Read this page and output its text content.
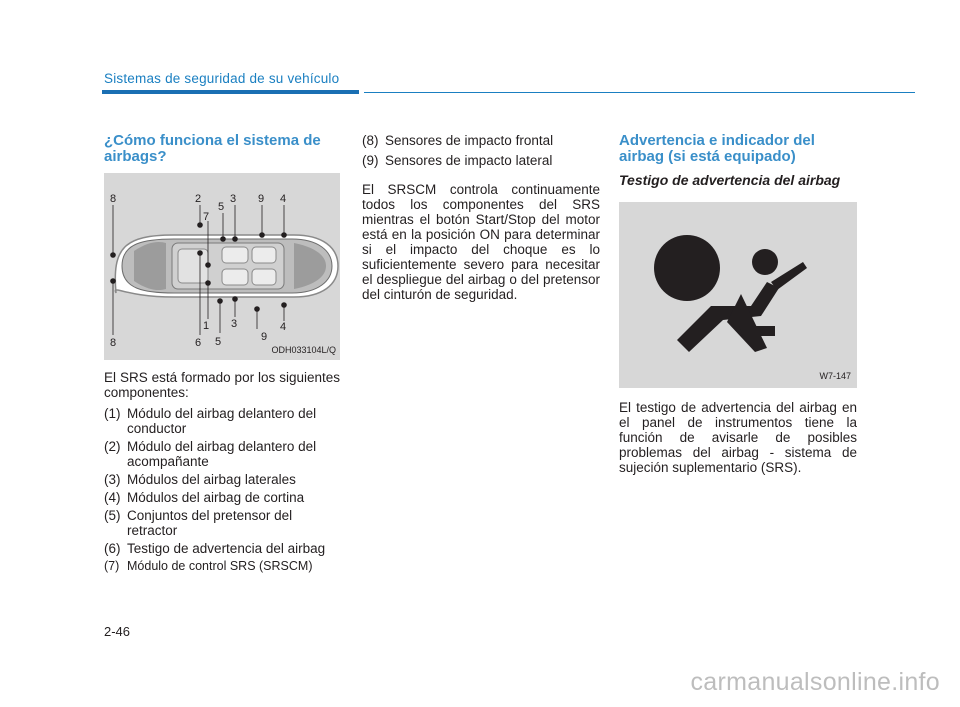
Sistemas de seguridad de su vehículo
¿Cómo funciona el sistema de airbags?
8	2	3 9 4
5
7
8	6 5
1 3
9
4
ODH033104L/Q

El SRS está formado por los siguientes componentes:

(1) Módulo del airbag delantero del conductor
(2) Módulo del airbag delantero del acompañante
(3) Módulos del airbag laterales
(4) Módulos del airbag de cortina
(5) Conjuntos del pretensor del retractor
(6) Testigo de advertencia del airbag
(7) Módulo de control SRS (SRSCM)
(8) Sensores de impacto frontal
(9) Sensores de impacto lateral

El SRSCM controla continuamente todos los componentes del SRS mientras el botón Start/Stop del motor está en la posición ON para determinar si el impacto del choque es lo suficientemente severo para necesitar el despliegue del airbag o del pretensor del cinturón de seguridad.

Advertencia e indicador del airbag (si está equipado)
Testigo de advertencia del airbag
W7-147

El testigo de advertencia del airbag en el panel de instrumentos tiene la función de avisarle de posibles problemas del airbag - sistema de sujeción suplementario (SRS).

2-46
carmanualsonline.info
